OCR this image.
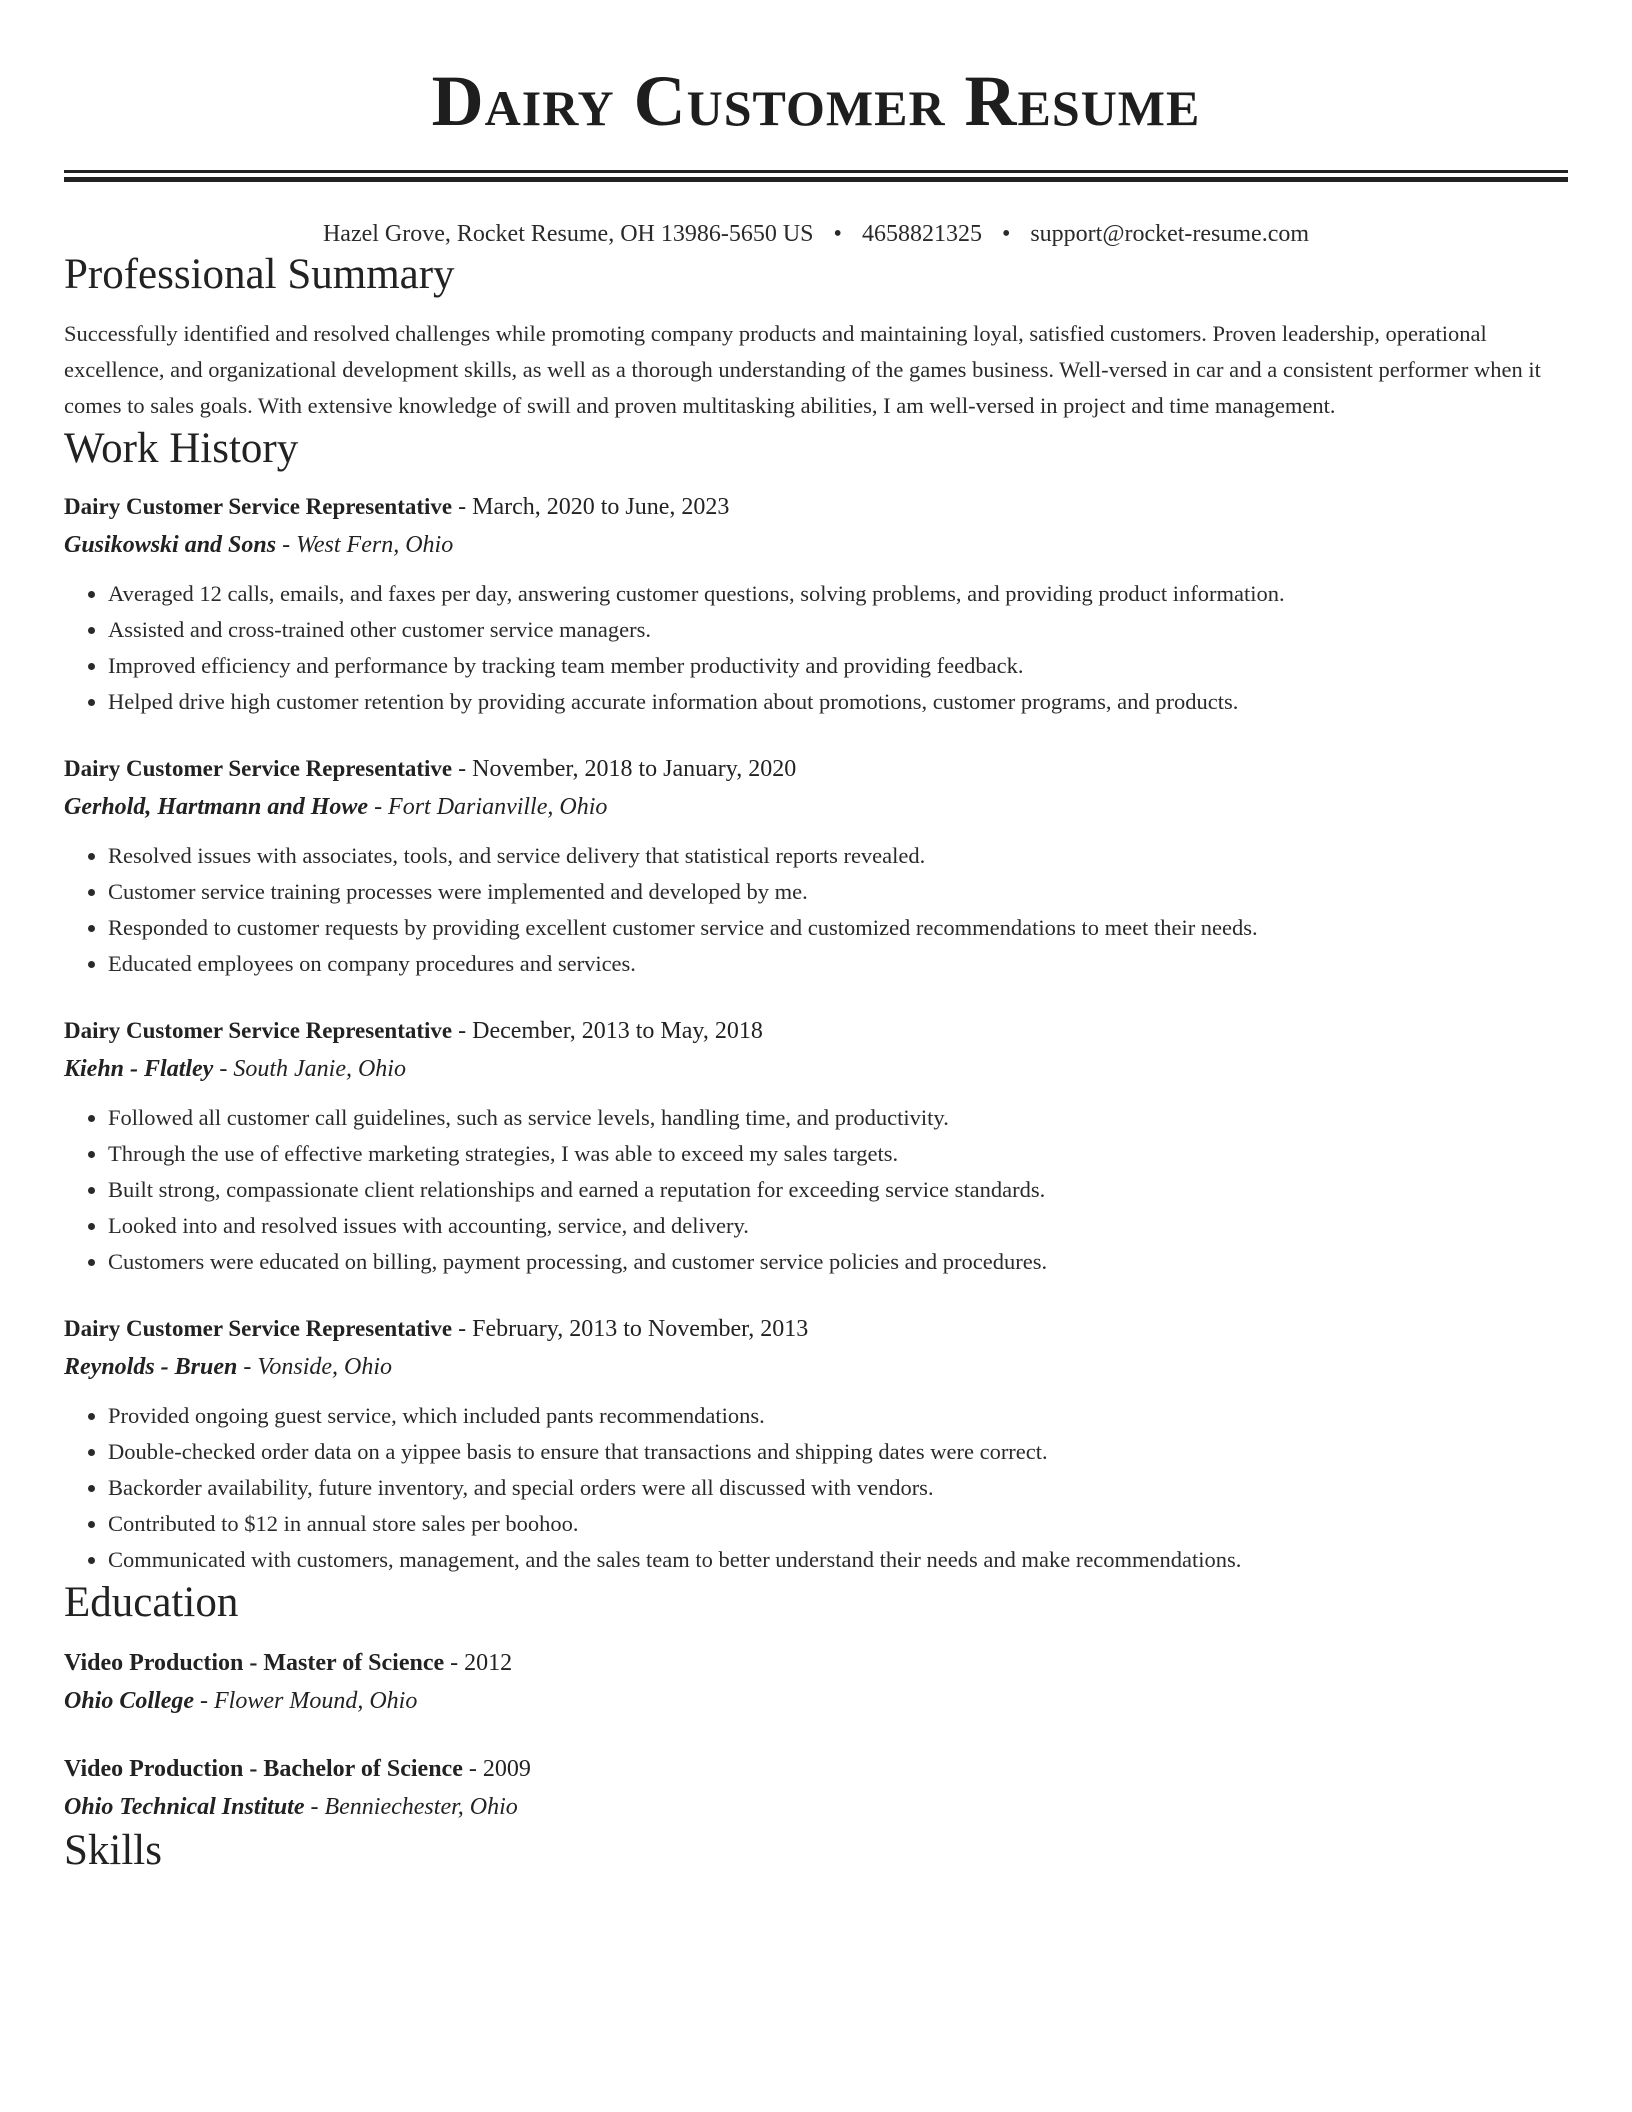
Dairy Customer Resume
Hazel Grove, Rocket Resume, OH 13986-5650 US • 4658821325 • support@rocket-resume.com
Professional Summary

Successfully identified and resolved challenges while promoting company products and maintaining loyal, satisfied customers. Proven leadership, operational excellence, and organizational development skills, as well as a thorough understanding of the games business. Well-versed in car and a consistent performer when it comes to sales goals. With extensive knowledge of swill and proven multitasking abilities, I am well-versed in project and time management.

Work History
Dairy Customer Service Representative - March, 2020 to June, 2023
Gusikowski and Sons - West Fern, Ohio
• Averaged 12 calls, emails, and faxes per day, answering customer questions, solving problems, and providing product information.
• Assisted and cross-trained other customer service managers.
• Improved efficiency and performance by tracking team member productivity and providing feedback.
• Helped drive high customer retention by providing accurate information about promotions, customer programs, and products.
Dairy Customer Service Representative - November, 2018 to January, 2020
Gerhold, Hartmann and Howe - Fort Darianville, Ohio
• Resolved issues with associates, tools, and service delivery that statistical reports revealed.
• Customer service training processes were implemented and developed by me.
• Responded to customer requests by providing excellent customer service and customized recommendations to meet their needs.
• Educated employees on company procedures and services.
Dairy Customer Service Representative - December, 2013 to May, 2018
Kiehn - Flatley - South Janie, Ohio
• Followed all customer call guidelines, such as service levels, handling time, and productivity.
• Through the use of effective marketing strategies, I was able to exceed my sales targets.
• Built strong, compassionate client relationships and earned a reputation for exceeding service standards.
• Looked into and resolved issues with accounting, service, and delivery.
• Customers were educated on billing, payment processing, and customer service policies and procedures.
Dairy Customer Service Representative - February, 2013 to November, 2013
Reynolds - Bruen - Vonside, Ohio
• Provided ongoing guest service, which included pants recommendations.
• Double-checked order data on a yippee basis to ensure that transactions and shipping dates were correct.
• Backorder availability, future inventory, and special orders were all discussed with vendors.
• Contributed to $12 in annual store sales per boohoo.
• Communicated with customers, management, and the sales team to better understand their needs and make recommendations.
Education
Video Production - Master of Science - 2012
Ohio College - Flower Mound, Ohio
Video Production - Bachelor of Science - 2009
Ohio Technical Institute - Benniechester, Ohio
Skills
